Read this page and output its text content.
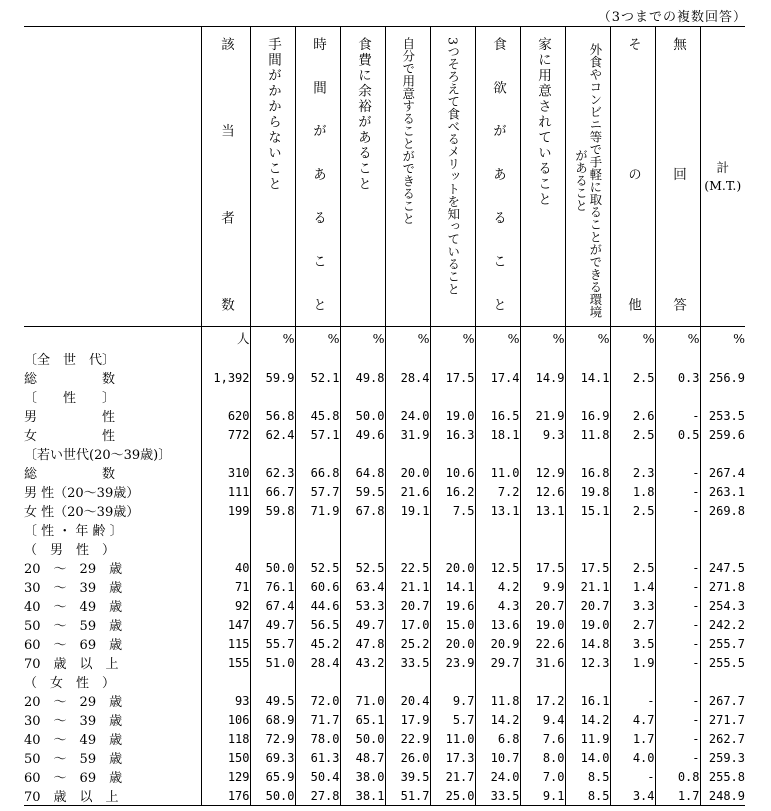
（3つまでの複数回答）
	該当者数	手間がかからないこと	時間があること	食費に余裕があること	自分で用意することができること	3つそろえて食べるメリットを知っていること	食欲があること	家に用意されていること	外食やコンビニ等で手軽に取ることができる環境があること	その他	無回答	計
(M.T.)

	人	%	%	%	%	%	%	%	%	%	%	%
〔全　世　代〕												
総　　　　　数	1,392	59.9	52.1	49.8	28.4	17.5	17.4	14.9	14.1	2.5	0.3	256.9
〔　　性　　〕												
男　　　　　性	620	56.8	45.8	50.0	24.0	19.0	16.5	21.9	16.9	2.6	-	253.5
女　　　　　性	772	62.4	57.1	49.6	31.9	16.3	18.1	9.3	11.8	2.5	0.5	259.6
〔若い世代(20～39歳)〕												
総　　　　　数	310	62.3	66.8	64.8	20.0	10.6	11.0	12.9	16.8	2.3	-	267.4
男 性（20～39歳）	111	66.7	57.7	59.5	21.6	16.2	7.2	12.6	19.8	1.8	-	263.1
女 性（20～39歳）	199	59.8	71.9	67.8	19.1	7.5	13.1	13.1	15.1	2.5	-	269.8
〔 性 ・ 年 齢 〕												
（　男　性　）												
20　～　29　歳	40	50.0	52.5	52.5	22.5	20.0	12.5	17.5	17.5	2.5	-	247.5
30　～　39　歳	71	76.1	60.6	63.4	21.1	14.1	4.2	9.9	21.1	1.4	-	271.8
40　～　49　歳	92	67.4	44.6	53.3	20.7	19.6	4.3	20.7	20.7	3.3	-	254.3
50　～　59　歳	147	49.7	56.5	49.7	17.0	15.0	13.6	19.0	19.0	2.7	-	242.2
60　～　69　歳	115	55.7	45.2	47.8	25.2	20.0	20.9	22.6	14.8	3.5	-	255.7
70　歳　以　上	155	51.0	28.4	43.2	33.5	23.9	29.7	31.6	12.3	1.9	-	255.5
（　女　性　）												
20　～　29　歳	93	49.5	72.0	71.0	20.4	9.7	11.8	17.2	16.1	-	-	267.7
30　～　39　歳	106	68.9	71.7	65.1	17.9	5.7	14.2	9.4	14.2	4.7	-	271.7
40　～　49　歳	118	72.9	78.0	50.0	22.9	11.0	6.8	7.6	11.9	1.7	-	262.7
50　～　59　歳	150	69.3	61.3	48.7	26.0	17.3	10.7	8.0	14.0	4.0	-	259.3
60　～　69　歳	129	65.9	50.4	38.0	39.5	21.7	24.0	7.0	8.5	-	0.8	255.8
70　歳　以　上	176	50.0	27.8	38.1	51.7	25.0	33.5	9.1	8.5	3.4	1.7	248.9
